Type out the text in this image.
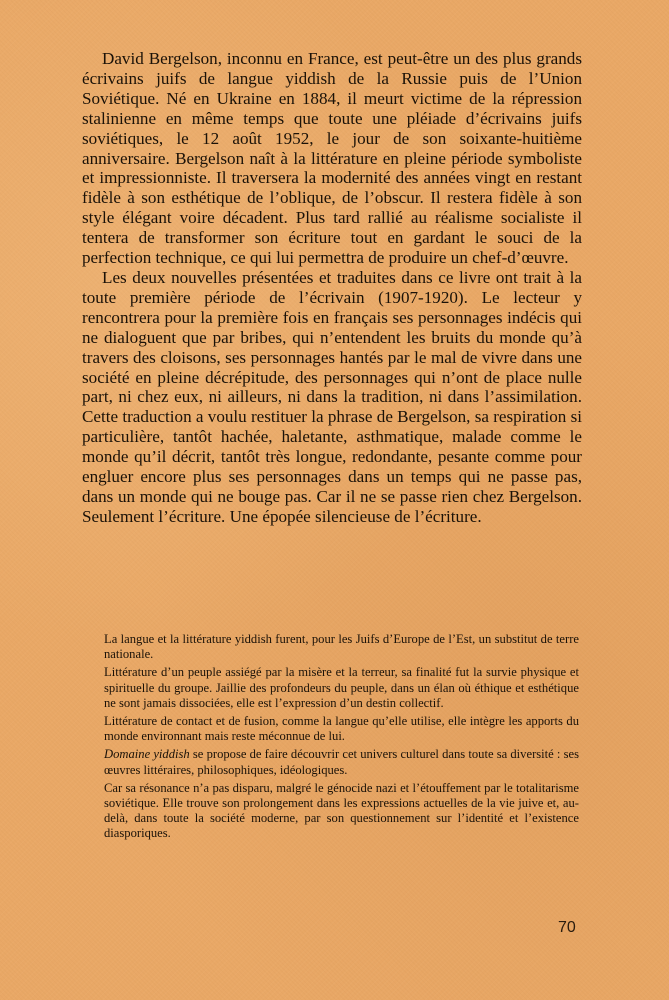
David Bergelson, inconnu en France, est peut-être un des plus grands écrivains juifs de langue yiddish de la Russie puis de l’Union Soviétique. Né en Ukraine en 1884, il meurt victime de la répression stalinienne en même temps que toute une pléiade d’écrivains juifs soviétiques, le 12 août 1952, le jour de son soixante-huitième anniversaire. Bergelson naît à la littérature en pleine période symboliste et impressionniste. Il traversera la modernité des années vingt en restant fidèle à son esthétique de l’oblique, de l’obscur. Il restera fidèle à son style élégant voire décadent. Plus tard rallié au réalisme socialiste il tentera de transformer son écriture tout en gardant le souci de la perfection technique, ce qui lui permettra de produire un chef-d’œuvre.

Les deux nouvelles présentées et traduites dans ce livre ont trait à la toute première période de l’écrivain (1907-1920). Le lecteur y rencontrera pour la première fois en français ses personnages indécis qui ne dialoguent que par bribes, qui n’entendent les bruits du monde qu’à travers des cloisons, ses personnages hantés par le mal de vivre dans une société en pleine décrépitude, des personnages qui n’ont de place nulle part, ni chez eux, ni ailleurs, ni dans la tradition, ni dans l’assimilation. Cette traduction a voulu restituer la phrase de Bergelson, sa respiration si particulière, tantôt hachée, haletante, asthmatique, malade comme le monde qu’il décrit, tantôt très longue, redondante, pesante comme pour engluer encore plus ses personnages dans un temps qui ne passe pas, dans un monde qui ne bouge pas. Car il ne se passe rien chez Bergelson. Seulement l’écriture. Une épopée silencieuse de l’écriture.

La langue et la littérature yiddish furent, pour les Juifs d’Europe de l’Est, un substitut de terre nationale.

Littérature d’un peuple assiégé par la misère et la terreur, sa finalité fut la survie physique et spirituelle du groupe. Jaillie des profondeurs du peuple, dans un élan où éthique et esthétique ne sont jamais dissociées, elle est l’expression d’un destin collectif.

Littérature de contact et de fusion, comme la langue qu’elle utilise, elle intègre les apports du monde environnant mais reste méconnue de lui.

Domaine yiddish se propose de faire découvrir cet univers culturel dans toute sa diversité : ses œuvres littéraires, philosophiques, idéologiques.

Car sa résonance n’a pas disparu, malgré le génocide nazi et l’étouffement par le totalitarisme soviétique. Elle trouve son prolongement dans les expressions actuelles de la vie juive et, au-delà, dans toute la société moderne, par son questionnement sur l’identité et l’existence diasporiques.

70
